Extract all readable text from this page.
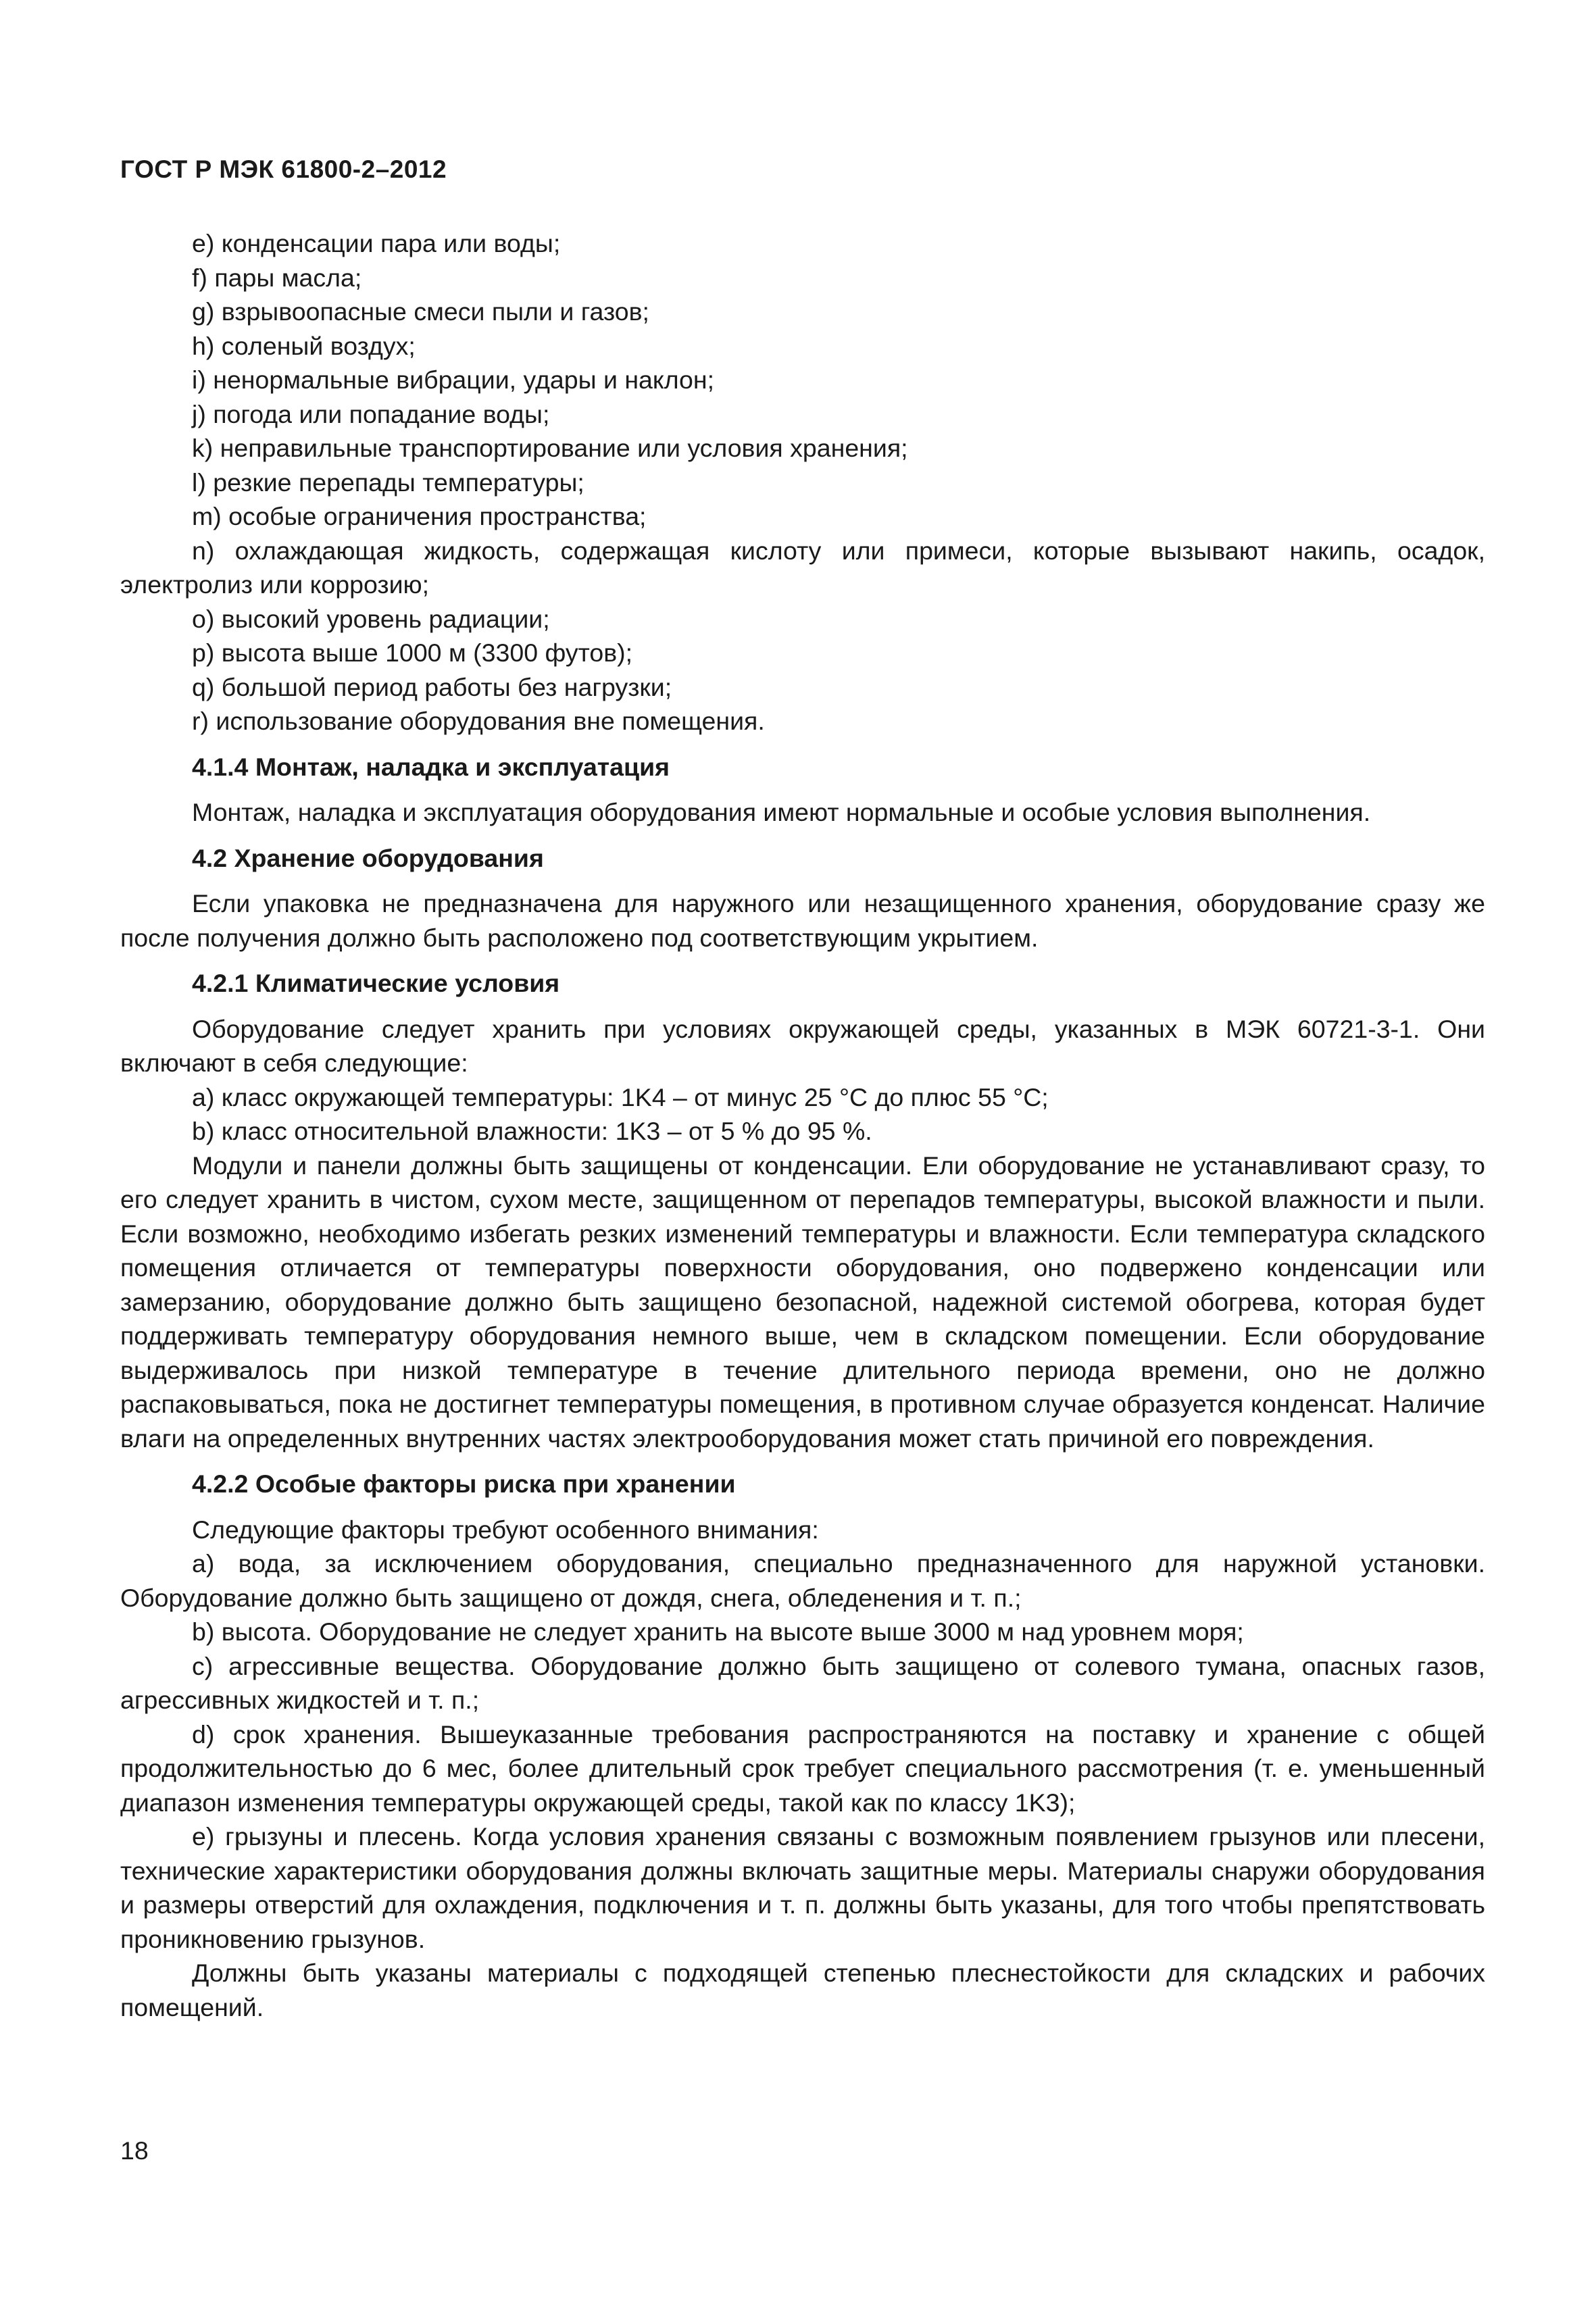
ГОСТ Р МЭК 61800-2–2012

e) конденсации пара или воды;

f) пары масла;

g) взрывоопасные смеси пыли и газов;

h) соленый воздух;

i) ненормальные вибрации, удары и наклон;

j) погода или попадание воды;

k) неправильные транспортирование или условия хранения;

l) резкие перепады температуры;

m) особые ограничения пространства;

n) охлаждающая жидкость, содержащая кислоту или примеси, которые вызывают накипь, осадок, электролиз или коррозию;

o) высокий уровень радиации;

p) высота выше 1000 м (3300 футов);

q) большой период работы без нагрузки;

r) использование оборудования вне помещения.

4.1.4 Монтаж, наладка и эксплуатация

Монтаж, наладка и эксплуатация оборудования имеют нормальные и особые условия выполнения.

4.2 Хранение оборудования

Если упаковка не предназначена для наружного или незащищенного хранения, оборудование сразу же после получения должно быть расположено под соответствующим укрытием.

4.2.1 Климатические условия

Оборудование следует хранить при условиях окружающей среды, указанных в МЭК 60721-3-1. Они включают в себя следующие:

a) класс окружающей температуры: 1K4 – от минус 25 °С до плюс 55 °С;

b) класс относительной влажности: 1K3 – от 5 % до 95 %.

Модули и панели должны быть защищены от конденсации. Ели оборудование не устанавливают сразу, то его следует хранить в чистом, сухом месте, защищенном от перепадов температуры, высокой влажности и пыли. Если возможно, необходимо избегать резких изменений температуры и влажности. Если температура складского помещения отличается от температуры поверхности оборудования, оно подвержено конденсации или замерзанию, оборудование должно быть защищено безопасной, надежной системой обогрева, которая будет поддерживать температуру оборудования немного выше, чем в складском помещении. Если оборудование выдерживалось при низкой температуре в течение длительного периода времени, оно не должно распаковываться, пока не достигнет температуры помещения, в противном случае образуется конденсат. Наличие влаги на определенных внутренних частях электрооборудования может стать причиной его повреждения.

4.2.2 Особые факторы риска при хранении

Следующие факторы требуют особенного внимания:

а) вода, за исключением оборудования, специально предназначенного для наружной установки. Оборудование должно быть защищено от дождя, снега, обледенения и т. п.;

b) высота. Оборудование не следует хранить на высоте выше 3000 м над уровнем моря;

c) агрессивные вещества. Оборудование должно быть защищено от солевого тумана, опасных газов, агрессивных жидкостей и т. п.;

d) срок хранения. Вышеуказанные требования распространяются на поставку и хранение с общей продолжительностью до 6 мес, более длительный срок требует специального рассмотрения (т. е. уменьшенный диапазон изменения температуры окружающей среды, такой как по классу 1K3);

e) грызуны и плесень. Когда условия хранения связаны с возможным появлением грызунов или плесени, технические характеристики оборудования должны включать защитные меры. Материалы снаружи оборудования и размеры отверстий для охлаждения, подключения и т. п. должны быть указаны, для того чтобы препятствовать проникновению грызунов.

Должны быть указаны материалы с подходящей степенью плеснестойкости для складских и рабочих помещений.

18
